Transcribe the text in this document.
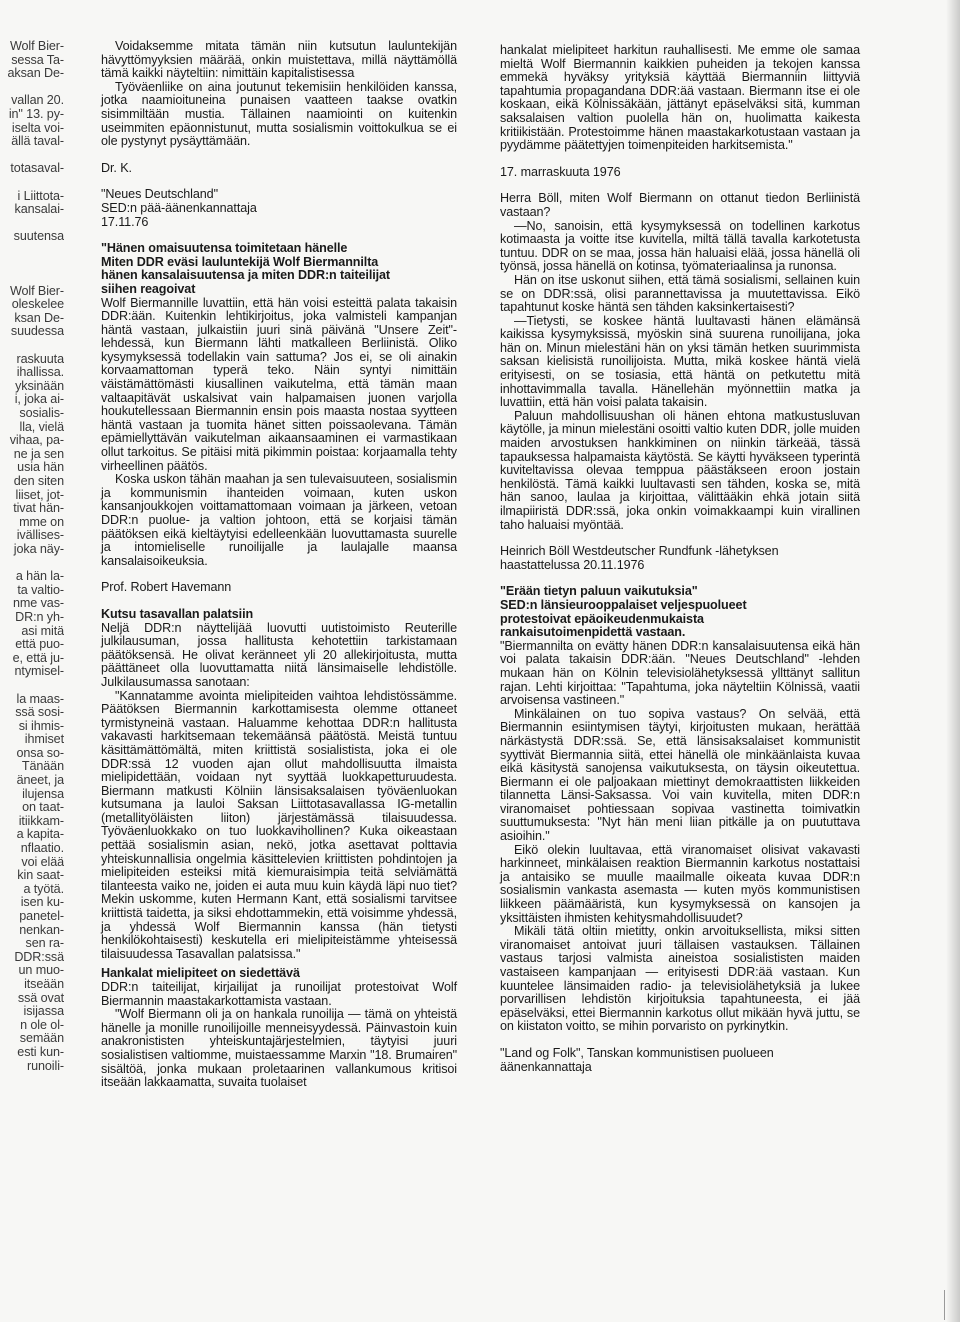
Wolf Bier-
sessa Ta-
aksan De-
vallan 20.
in" 13. py-
iselta voi-
ällä taval-
totasaval-
i Liittota-
kansalai-
suutensa
Wolf Bier-
oleskelee
ksan De-
suudessa
raskuuta
ihallissa.
yksinään
i, joka ai-
sosialis-
lla, vielä
vihaa, pa-
ne ja sen
usia hän
den siten
liiset, jot-
tivat hän-
mme on
ivällises-
joka näy-
a hän la-
ta valtio-
nme vas-
DR:n yh-
asi mitä
että puo-
e, että ju-
ntymisel-
la maas-
ssä sosi-
si ihmis-
ihmiset
onsa so-
Tänään
äneet, ja
ilujensa
on taat-
itiikkam-
a kapita-
nflaatio.
voi elää
kin saat-
a työtä.
isen ku-
panetel-
nenkan-
sen ra-
DDR:ssä
un muo-
itseään
ssä ovat
isijassa
n ole ol-
semään
esti kun-
runoili-

Voidaksemme mitata tämän niin kutsutun lauluntekijän hävyttömyyksien määrää, onkin muistettava, millä näyttämöllä tämä kaikki näyteltiin: nimittäin kapitalistisessa

Työväenliike on aina joutunut tekemisiin henkilöiden kanssa, jotka naamioituneina punaisen vaatteen taakse ovatkin sisimmiltään mustia. Tällainen naamiointi on kuitenkin useimmiten epäonnistunut, mutta sosialismin voittokulkua se ei ole pystynyt pysäyttämään.

Dr. K.

"Neues Deutschland"

SED:n pää-äänenkannattaja

17.11.76

"Hänen omaisuutensa toimitetaan hänelle

Miten DDR eväsi lauluntekijä Wolf Biermannilta

hänen kansalaisuutensa ja miten DDR:n taiteilijat

siihen reagoivat

Wolf Biermannille luvattiin, että hän voisi esteittä palata takaisin DDR:ään. Kuitenkin lehtikirjoitus, joka valmisteli kampanjan häntä vastaan, julkaistiin juuri sinä päivänä "Unsere Zeit"-lehdessä, kun Biermann lähti matkalleen Berliinistä. Oliko kysymyksessä todellakin vain sattuma? Jos ei, se oli ainakin korvaamattoman typerä teko. Näin syntyi nimittäin väistämättömästi kiusallinen vaikutelma, että tämän maan valtaapitävät uskalsivat vain halpamaisen juonen varjolla houkutellessaan Biermannin ensin pois maasta nostaa syytteen häntä vastaan ja tuomita hänet sitten poissaolevana. Tämän epämiellyttävän vaikutelman aikaansaaminen ei varmastikaan ollut tarkoitus. Se pitäisi mitä pikimmin poistaa: korjaamalla tehty virheellinen päätös.

Koska uskon tähän maahan ja sen tulevaisuuteen, sosialismin ja kommunismin ihanteiden voimaan, kuten uskon kansanjoukkojen voittamattomaan voimaan ja järkeen, vetoan DDR:n puolue- ja valtion johtoon, että se korjaisi tämän päätöksen eikä kieltäytyisi edelleenkään luovuttamasta suurelle ja intomieliselle runoilijalle ja laulajalle maansa kansalaisoikeuksia.

Prof. Robert Havemann

Kutsu tasavallan palatsiin

Neljä DDR:n näyttelijää luovutti uutistoimisto Reuterille julkilausuman, jossa hallitusta kehotettiin tarkistamaan päätöksensä. He olivat keränneet yli 20 allekirjoitusta, mutta päättäneet olla luovuttamatta niitä länsimaiselle lehdistölle. Julkilausumassa sanotaan:

"Kannatamme avointa mielipiteiden vaihtoa lehdistössämme. Päätöksen Biermannin karkottamisesta olemme ottaneet tyrmistyneinä vastaan. Haluamme kehottaa DDR:n hallitusta vakavasti harkitsemaan tekemäänsä päätöstä. Meistä tuntuu käsittämättömältä, miten kriittistä sosialistista, joka ei ole DDR:ssä 12 vuoden ajan ollut mahdollisuutta ilmaista mielipidettään, voidaan nyt syyttää luokkapetturuudesta. Biermann matkusti Kölniin länsisaksalaisen työväenluokan kutsumana ja lauloi Saksan Liittotasavallassa IG-metallin (metallityöläisten liiton) järjestämässä tilaisuudessa. Työväenluokkako on tuo luokkavihollinen? Kuka oikeastaan pettää sosialismin asian, nekö, jotka asettavat polttavia yhteiskunnallisia ongelmia käsittelevien kriittisten pohdintojen ja mielipiteiden esteiksi mitä kiemuraisimpia teitä selviämättä tilanteesta vaiko ne, joiden ei auta muu kuin käydä läpi nuo tiet? Mekin uskomme, kuten Hermann Kant, että sosialismi tarvitsee kriittistä taidetta, ja siksi ehdottammekin, että voisimme yhdessä, ja yhdessä Wolf Biermannin kanssa (hän tietysti henkilökohtaisesti) keskutella eri mielipiteistämme yhteisessä tilaisuudessa Tasavallan palatsissa."

Hankalat mielipiteet on siedettävä

DDR:n taiteilijat, kirjailijat ja runoilijat protestoivat Wolf Biermannin maastakarkottamista vastaan.

"Wolf Biermann oli ja on hankala runoilija — tämä on yhteistä hänelle ja monille runoilijoille menneisyydessä. Päinvastoin kuin anakronististen yhteiskuntajärjestelmien, täytyisi juuri sosialistisen valtiomme, muistaessamme Marxin "18. Brumairen" sisältöä, jonka mukaan proletaarinen vallankumous kritisoi itseään lakkaamatta, suvaita tuolaiset

hankalat mielipiteet harkitun rauhallisesti. Me emme ole samaa mieltä Wolf Biermannin kaikkien puheiden ja tekojen kanssa emmekä hyväksy yrityksiä käyttää Biermanniin liittyviä tapahtumia propagandana DDR:ää vastaan. Biermann itse ei ole koskaan, eikä Kölnissäkään, jättänyt epäselväksi sitä, kumman saksalaisen valtion puolella hän on, huolimatta kaikesta kritiikistään. Protestoimme hänen maastakarkotustaan vastaan ja pyydämme päätettyjen toimenpiteiden harkitsemista."

17. marraskuuta 1976

Herra Böll, miten Wolf Biermann on ottanut tiedon Berliinistä vastaan?

—No, sanoisin, että kysymyksessä on todellinen karkotus kotimaasta ja voitte itse kuvitella, miltä tällä tavalla karkotetusta tuntuu. DDR on se maa, jossa hän haluaisi elää, jossa hänellä oli työnsä, jossa hänellä on kotinsa, työmateriaalinsa ja runonsa.

Hän on itse uskonut siihen, että tämä sosialismi, sellainen kuin se on DDR:ssä, olisi parannettavissa ja muutettavissa. Eikö tapahtunut koske häntä sen tähden kaksinkertaisesti?

—Tietysti, se koskee häntä luultavasti hänen elämänsä kaikissa kysymyksissä, myöskin sinä suurena runoilijana, joka hän on. Minun mielestäni hän on yksi tämän hetken suurimmista saksan kielisistä runoilijoista. Mutta, mikä koskee häntä vielä erityisesti, on se tosiasia, että häntä on petkutettu mitä inhottavimmalla tavalla. Hänellehän myönnettiin matka ja luvattiin, että hän voisi palata takaisin.

Paluun mahdollisuushan oli hänen ehtona matkustusluvan käytölle, ja minun mielestäni osoitti valtio kuten DDR, jolle muiden maiden arvostuksen hankkiminen on niinkin tärkeää, tässä tapauksessa halpamaista käytöstä. Se käytti hyväkseen typerintä kuviteltavissa olevaa temppua päästäkseen eroon jostain henkilöstä. Tämä kaikki luultavasti sen tähden, koska se, mitä hän sanoo, laulaa ja kirjoittaa, välittääkin ehkä jotain siitä ilmapiiristä DDR:ssä, joka onkin voimakkaampi kuin virallinen taho haluaisi myöntää.

Heinrich Böll Westdeutscher Rundfunk -lähetyksen haastattelussa 20.11.1976

"Erään tietyn paluun vaikutuksia"

SED:n länsieurooppalaiset veljespuolueet

protestoivat epäoikeudenmukaista

rankaisutoimenpidettä vastaan.

"Biermannilta on evätty hänen DDR:n kansalaisuutensa eikä hän voi palata takaisin DDR:ään. "Neues Deutschland" -lehden mukaan hän on Kölnin televisiolähetyksessä yllttänyt sallitun rajan. Lehti kirjoittaa: "Tapahtuma, joka näyteltiin Kölnissä, vaatii arvoisensa vastineen."

Minkälainen on tuo sopiva vastaus? On selvää, että Biermannin esiintymisen täytyi, kirjoitusten mukaan, herättää närkästystä DDR:ssä. Se, että länsisaksalaiset kommunistit syyttivät Biermannia siitä, ettei hänellä ole minkäänlaista kuvaa eikä käsitystä sanojensa vaikutuksesta, on täysin oikeutettua. Biermann ei ole paljoakaan miettinyt demokraattisten liikkeiden tilannetta Länsi-Saksassa. Voi vain kuvitella, miten DDR:n viranomaiset pohtiessaan sopivaa vastinetta toimivatkin suuttumuksesta: "Nyt hän meni liian pitkälle ja on puututtava asioihin."

Eikö olekin luultavaa, että viranomaiset olisivat vakavasti harkinneet, minkälaisen reaktion Biermannin karkotus nostattaisi ja antaisiko se muulle maailmalle oikeata kuvaa DDR:n sosialismin vankasta asemasta — kuten myös kommunistisen liikkeen päämääristä, kun kysymyksessä on kansojen ja yksittäisten ihmisten kehitysmahdollisuudet?

Mikäli tätä oltiin mietitty, onkin arvoituksellista, miksi sitten viranomaiset antoivat juuri tällaisen vastauksen. Tällainen vastaus tarjosi valmista aineistoa sosialististen maiden vastaiseen kampanjaan — erityisesti DDR:ää vastaan. Kun kuuntelee länsimaiden radio- ja televisiolähetyksiä ja lukee porvarillisen lehdistön kirjoituksia tapahtuneesta, ei jää epäselväksi, ettei Biermannin karkotus ollut mikään hyvä juttu, se on kiistaton voitto, se mihin porvaristo on pyrkinytkin.

"Land og Folk", Tanskan kommunistisen puolueen äänenkannattaja
